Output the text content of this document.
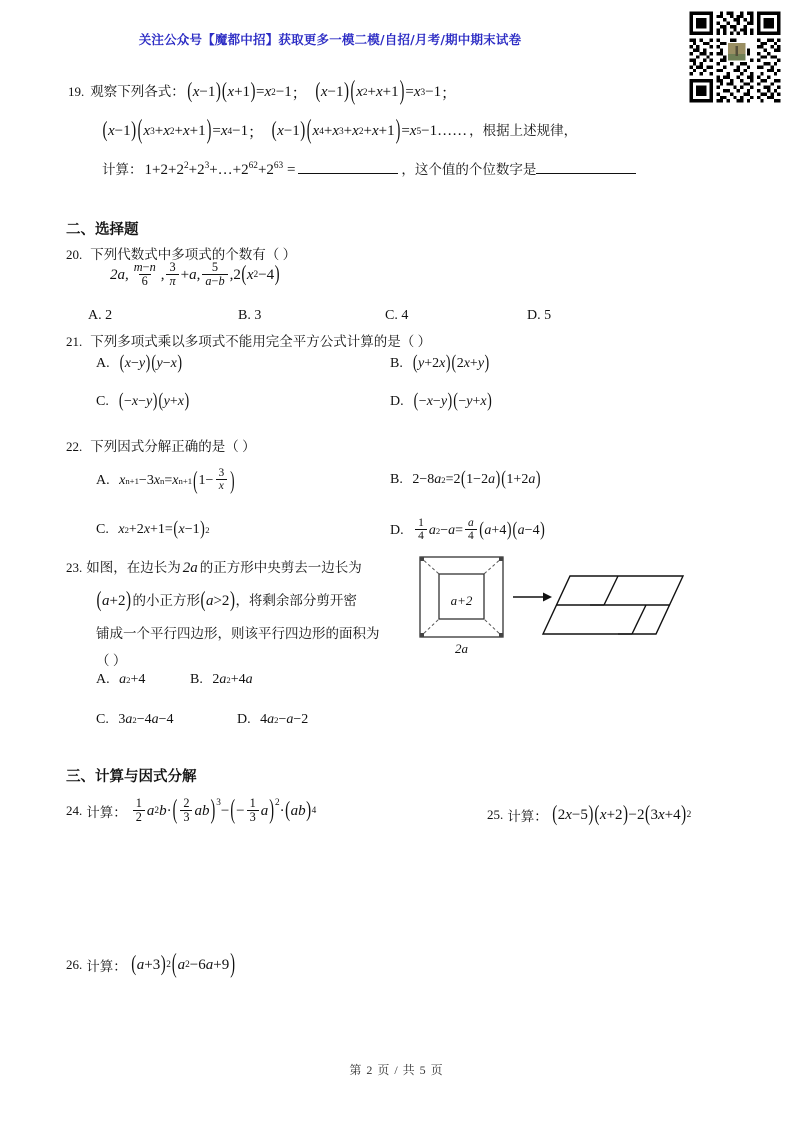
关注公众号【魔都中招】获取更多一模二模/自招/月考/期中期末试卷
19. 观察下列各式： ( x −1 ) ( x +1 ) = x 2 −1 ； ( x −1 ) ( x 2 + x +1 ) = x 3 −1 ；
( x −1 ) ( x 3 + x 2 + x +1 ) = x 4 −1 ； ( x −1 ) ( x 4 + x 3 + x 2 + x +1 ) = x 5 −1…… ，根据上述规律，
计算： $1+2+2^2+2^3+\dots+2^{62}+2^{63}$ =	，这个值的个位数字是
二、选择题
20. 下列代数式中多项式的个数有（ ）
2a , $\frac{m-n}{6}$ , $\frac{3}{\pi} + a$ , $\frac{5}{a-b}$ , 2 ( x 2 −4 )
A. 2	B. 3	C. 4	D. 5
21. 下列多项式乘以多项式不能用完全平方公式计算的是（ ）
A. ( x − y ) ( y − x )	B. ( y +2 x ) ( 2 x + y )
C. ( − x − y ) ( y + x )	D. ( − x − y ) ( − y + x )
22. 下列因式分解正确的是（ ）
A. x n+1 −3 x n = x n+1 ( $1- \frac{3}{x}$ )	B. 2−8 a 2 =2 ( 1−2 a ) ( 1+2 a )
C. x 2 +2 x +1= ( x −1 ) 2	D. $\frac{1}{4}$ a $2 - a = \frac{a}{4}$ ( a +4 ) ( a −4 )
23. 如图，在边长为 2a 的正方形中央剪去一边长为
( a +2 ) 的小正方形 ( a >2 ) ，将剩余部分剪开密
铺成一个平行四边形，则该平行四边形的面积为
（ ）
a+2
2a
A. a 2 +4	B. 2 a 2 +4 a
C. 3 a 2 −4 a −4	D. 4 a 2 − a −2
三、计算与因式分解
24. 计算： $\frac{1}{2}$ a 2 b · ( $\frac{2}{3}$ ab )$^3$ − ( − $\frac{1}{3}$ a )$^2$ · ( ab ) 4	25. 计算： ( 2 x −5 ) ( x +2 ) −2 ( 3 x +4 ) 2
26. 计算： ( a +3 ) 2 ( a 2 −6 a +9 )
第 2 页 / 共 5 页
